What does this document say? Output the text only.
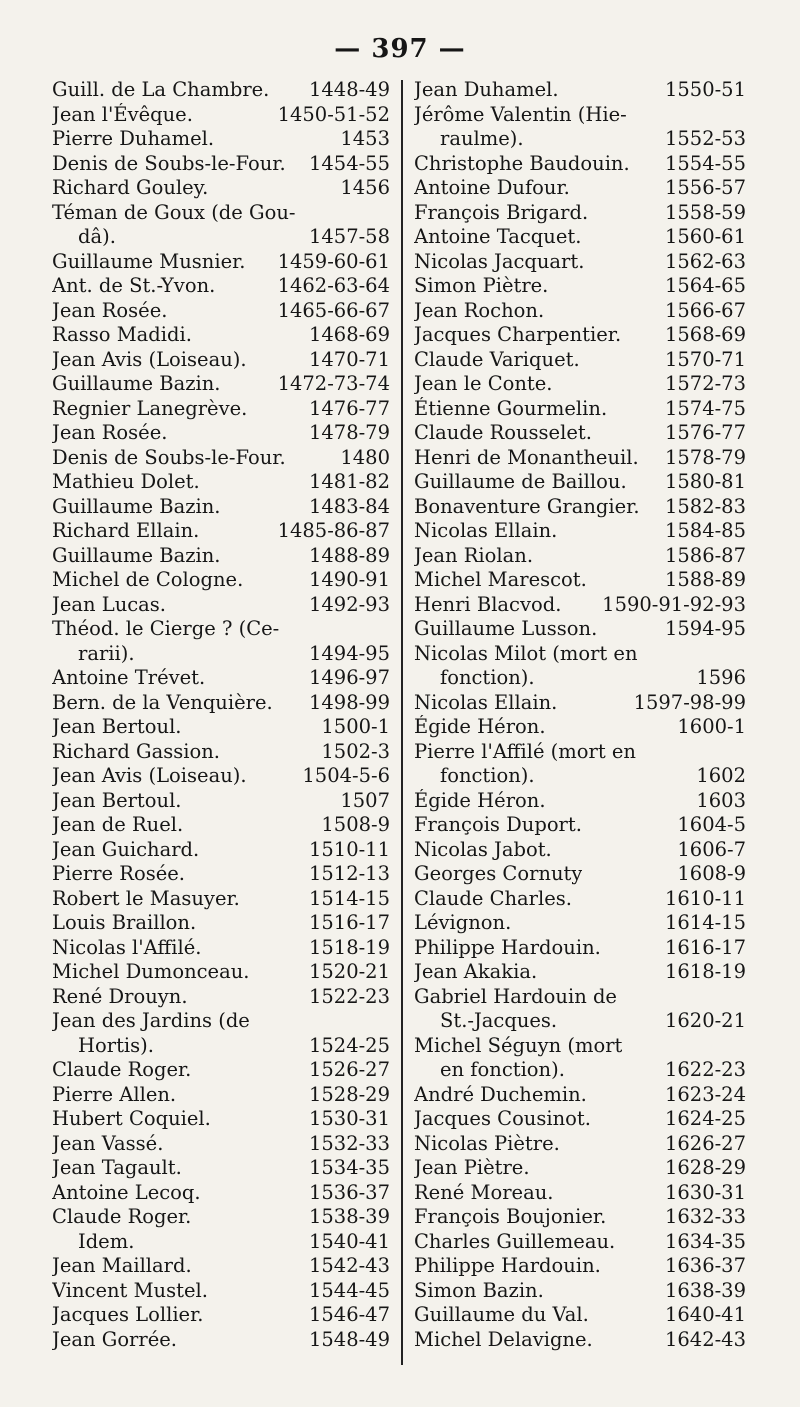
— 397 —
Guill. de La Chambre.	1448-49
Jean l'Évêque.	1450-51-52
Pierre Duhamel.	1453
Denis de Soubs-le-Four.	1454-55
Richard Gouley.	1456
Téman de Goux (de Gou-
dâ).	1457-58
Guillaume Musnier.	1459-60-61
Ant. de St.-Yvon.	1462-63-64
Jean Rosée.	1465-66-67
Rasso Madidi.	1468-69
Jean Avis (Loiseau).	1470-71
Guillaume Bazin.	1472-73-74
Regnier Lanegrève.	1476-77
Jean Rosée.	1478-79
Denis de Soubs-le-Four.	1480
Mathieu Dolet.	1481-82
Guillaume Bazin.	1483-84
Richard Ellain.	1485-86-87
Guillaume Bazin.	1488-89
Michel de Cologne.	1490-91
Jean Lucas.	1492-93
Théod. le Cierge ? (Ce-
rarii).	1494-95
Antoine Trévet.	1496-97
Bern. de la Venquière.	1498-99
Jean Bertoul.	1500-1
Richard Gassion.	1502-3
Jean Avis (Loiseau).	1504-5-6
Jean Bertoul.	1507
Jean de Ruel.	1508-9
Jean Guichard.	1510-11
Pierre Rosée.	1512-13
Robert le Masuyer.	1514-15
Louis Braillon.	1516-17
Nicolas l'Affilé.	1518-19
Michel Dumonceau.	1520-21
René Drouyn.	1522-23
Jean des Jardins (de
Hortis).	1524-25
Claude Roger.	1526-27
Pierre Allen.	1528-29
Hubert Coquiel.	1530-31
Jean Vassé.	1532-33
Jean Tagault.	1534-35
Antoine Lecoq.	1536-37
Claude Roger.	1538-39
Idem.	1540-41
Jean Maillard.	1542-43
Vincent Mustel.	1544-45
Jacques Lollier.	1546-47
Jean Gorrée.	1548-49
Jean Duhamel.	1550-51
Jérôme Valentin (Hie-
raulme).	1552-53
Christophe Baudouin.	1554-55
Antoine Dufour.	1556-57
François Brigard.	1558-59
Antoine Tacquet.	1560-61
Nicolas Jacquart.	1562-63
Simon Piètre.	1564-65
Jean Rochon.	1566-67
Jacques Charpentier.	1568-69
Claude Variquet.	1570-71
Jean le Conte.	1572-73
Étienne Gourmelin.	1574-75
Claude Rousselet.	1576-77
Henri de Monantheuil.	1578-79
Guillaume de Baillou.	1580-81
Bonaventure Grangier.	1582-83
Nicolas Ellain.	1584-85
Jean Riolan.	1586-87
Michel Marescot.	1588-89
Henri Blacvod.	1590-91-92-93
Guillaume Lusson.	1594-95
Nicolas Milot (mort en
fonction).	1596
Nicolas Ellain.	1597-98-99
Égide Héron.	1600-1
Pierre l'Affilé (mort en
fonction).	1602
Égide Héron.	1603
François Duport.	1604-5
Nicolas Jabot.	1606-7
Georges Cornuty	1608-9
Claude Charles.	1610-11
Lévignon.	1614-15
Philippe Hardouin.	1616-17
Jean Akakia.	1618-19
Gabriel Hardouin de
St.-Jacques.	1620-21
Michel Séguyn (mort
en fonction).	1622-23
André Duchemin.	1623-24
Jacques Cousinot.	1624-25
Nicolas Piètre.	1626-27
Jean Piètre.	1628-29
René Moreau.	1630-31
François Boujonier.	1632-33
Charles Guillemeau.	1634-35
Philippe Hardouin.	1636-37
Simon Bazin.	1638-39
Guillaume du Val.	1640-41
Michel Delavigne.	1642-43
